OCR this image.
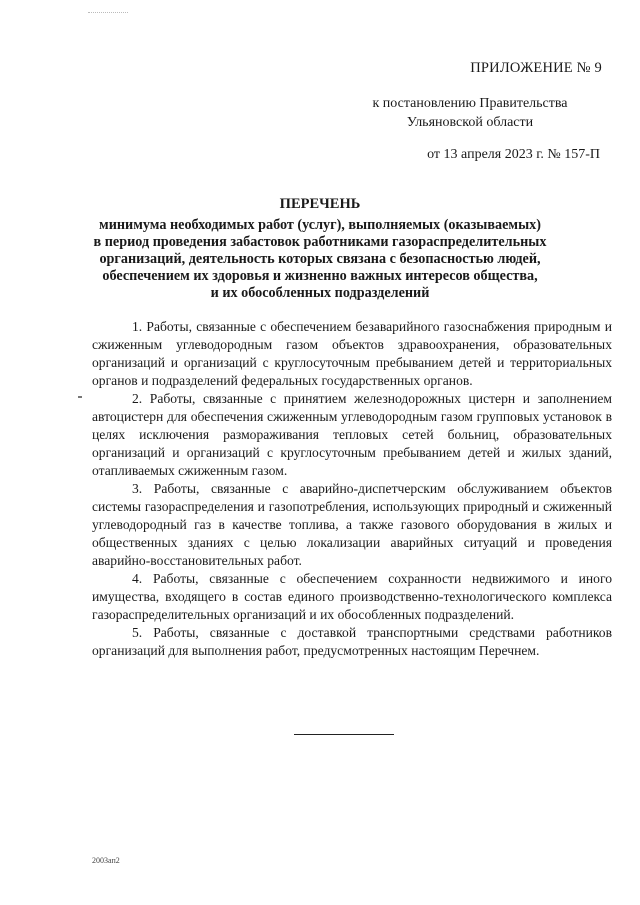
ПРИЛОЖЕНИЕ № 9
к постановлению Правительства
Ульяновской области
от 13 апреля 2023 г. № 157-П
ПЕРЕЧЕНЬ
минимума необходимых работ (услуг), выполняемых (оказываемых)
в период проведения забастовок работниками газораспределительных
организаций, деятельность которых связана с безопасностью людей,
обеспечением их здоровья и жизненно важных интересов общества,
и их обособленных подразделений

1. Работы, связанные с обеспечением безаварийного газоснабжения природным и сжиженным углеводородным газом объектов здравоохранения, образовательных организаций и организаций с круглосуточным пребыванием детей и территориальных органов и подразделений федеральных государственных органов.

2. Работы, связанные с принятием железнодорожных цистерн и заполнением автоцистерн для обеспечения сжиженным углеводородным газом групповых установок в целях исключения размораживания тепловых сетей больниц, образовательных организаций и организаций с круглосуточным пребыванием детей и жилых зданий, отапливаемых сжиженным газом.

3. Работы, связанные с аварийно-диспетчерским обслуживанием объектов системы газораспределения и газопотребления, использующих природный и сжиженный углеводородный газ в качестве топлива, а также газового оборудования в жилых и общественных зданиях с целью локализации аварийных ситуаций и проведения аварийно-восстановительных работ.

4. Работы, связанные с обеспечением сохранности недвижимого и иного имущества, входящего в состав единого производственно-технологического комплекса газораспределительных организаций и их обособленных подразделений.

5. Работы, связанные с доставкой транспортными средствами работников организаций для выполнения работ, предусмотренных настоящим Перечнем.

2003ап2
